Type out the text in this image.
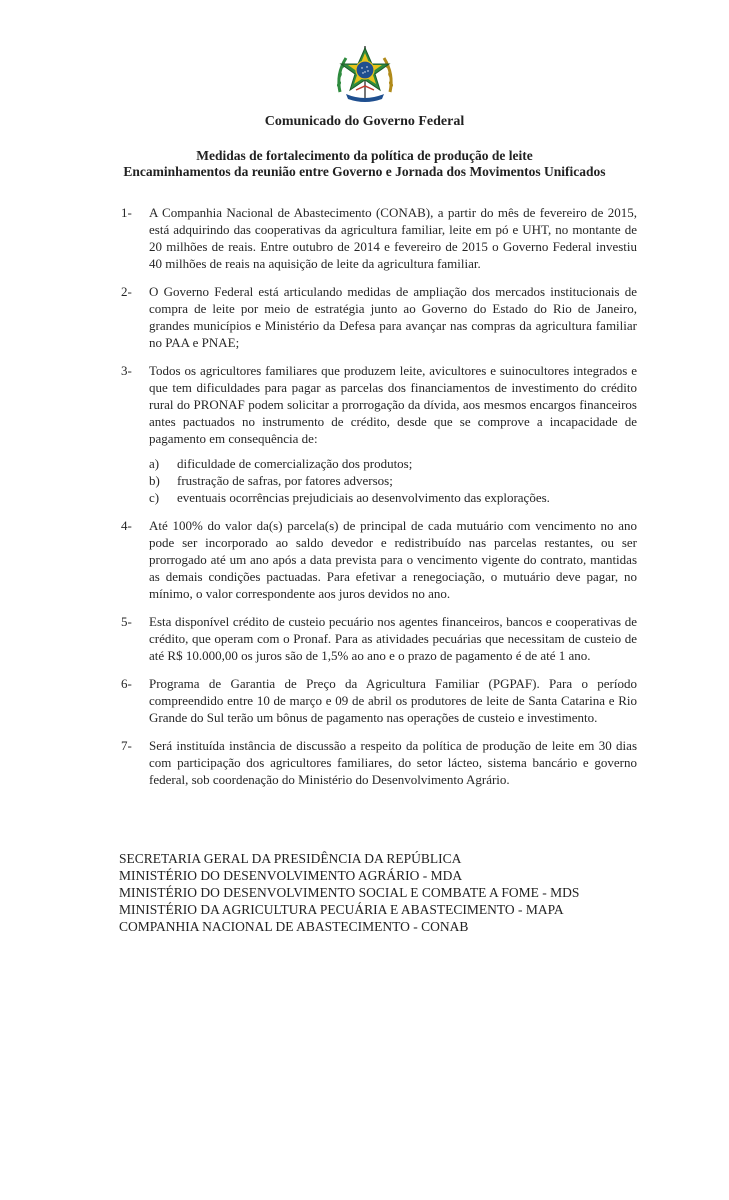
Comunicado do Governo Federal
Medidas de fortalecimento da política de produção de leite
Encaminhamentos da reunião entre Governo e Jornada dos Movimentos Unificados
1-	A Companhia Nacional de Abastecimento (CONAB), a partir do mês de fevereiro de 2015, está adquirindo das cooperativas da agricultura familiar, leite em pó e UHT, no montante de 20 milhões de reais. Entre outubro de 2014 e fevereiro de 2015 o Governo Federal investiu 40 milhões de reais na aquisição de leite da agricultura familiar.
2-	O Governo Federal está articulando medidas de ampliação dos mercados institucionais de compra de leite por meio de estratégia junto ao Governo do Estado do Rio de Janeiro, grandes municípios e Ministério da Defesa para avançar nas compras da agricultura familiar no PAA e PNAE;
3-	Todos os agricultores familiares que produzem leite, avicultores e suinocultores integrados e que tem dificuldades para pagar as parcelas dos financiamentos de investimento do crédito rural do PRONAF podem solicitar a prorrogação da dívida, aos mesmos encargos financeiros antes pactuados no instrumento de crédito, desde que se comprove a incapacidade de pagamento em consequência de:
a)	dificuldade de comercialização dos produtos;
b)	frustração de safras, por fatores adversos;
c)	eventuais ocorrências prejudiciais ao desenvolvimento das explorações.
4-	Até 100% do valor da(s) parcela(s) de principal de cada mutuário com vencimento no ano pode ser incorporado ao saldo devedor e redistribuído nas parcelas restantes, ou ser prorrogado até um ano após a data prevista para o vencimento vigente do contrato, mantidas as demais condições pactuadas. Para efetivar a renegociação, o mutuário deve pagar, no mínimo, o valor correspondente aos juros devidos no ano.
5-	Esta disponível crédito de custeio pecuário nos agentes financeiros, bancos e cooperativas de crédito, que operam com o Pronaf. Para as atividades pecuárias que necessitam de custeio de até R$ 10.000,00 os juros são de 1,5% ao ano e o prazo de pagamento é de até 1 ano.
6-	Programa de Garantia de Preço da Agricultura Familiar (PGPAF). Para o período compreendido entre 10 de março e 09 de abril os produtores de leite de Santa Catarina e Rio Grande do Sul terão um bônus de pagamento nas operações de custeio e investimento.
7-	Será instituída instância de discussão a respeito da política de produção de leite em 30 dias com participação dos agricultores familiares, do setor lácteo, sistema bancário e governo federal, sob coordenação do Ministério do Desenvolvimento Agrário.
SECRETARIA GERAL DA PRESIDÊNCIA DA REPÚBLICA
MINISTÉRIO DO DESENVOLVIMENTO AGRÁRIO - MDA
MINISTÉRIO DO DESENVOLVIMENTO SOCIAL E COMBATE A FOME - MDS
MINISTÉRIO DA AGRICULTURA PECUÁRIA E ABASTECIMENTO - MAPA
COMPANHIA NACIONAL DE ABASTECIMENTO - CONAB
